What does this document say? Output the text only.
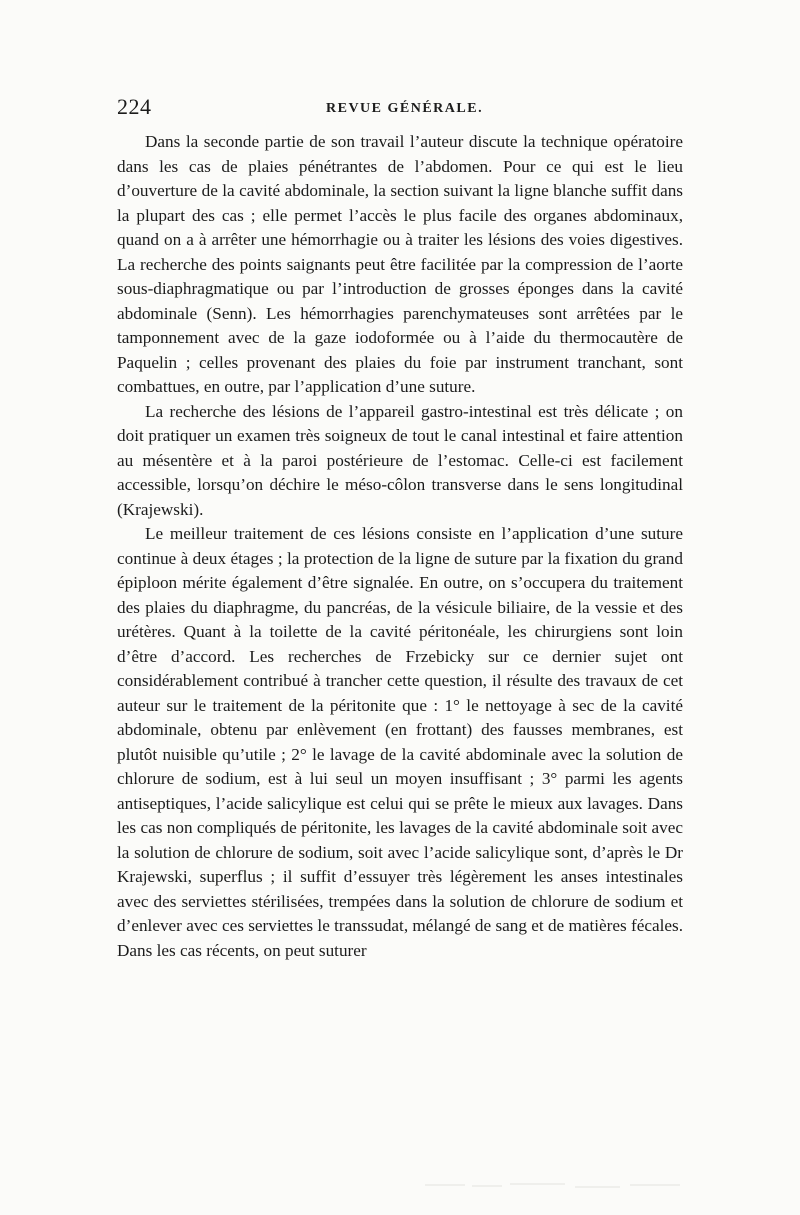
224	REVUE GÉNÉRALE.

Dans la seconde partie de son travail l’auteur discute la technique opératoire dans les cas de plaies pénétrantes de l’abdomen. Pour ce qui est le lieu d’ouverture de la cavité abdominale, la section suivant la ligne blanche suffit dans la plupart des cas ; elle permet l’accès le plus facile des organes abdominaux, quand on a à arrêter une hémorrhagie ou à traiter les lésions des voies digestives. La recherche des points saignants peut être facilitée par la compression de l’aorte sous-diaphragmatique ou par l’introduction de grosses éponges dans la cavité abdominale (Senn). Les hémorrhagies parenchymateuses sont arrêtées par le tamponnement avec de la gaze iodoformée ou à l’aide du thermocautère de Paquelin ; celles provenant des plaies du foie par instrument tranchant, sont combattues, en outre, par l’application d’une suture.

La recherche des lésions de l’appareil gastro-intestinal est très délicate ; on doit pratiquer un examen très soigneux de tout le canal intestinal et faire attention au mésentère et à la paroi postérieure de l’estomac. Celle-ci est facilement accessible, lorsqu’on déchire le méso-côlon transverse dans le sens longitudinal (Krajewski).

Le meilleur traitement de ces lésions consiste en l’application d’une suture continue à deux étages ; la protection de la ligne de suture par la fixation du grand épiploon mérite également d’être signalée. En outre, on s’occupera du traitement des plaies du diaphragme, du pancréas, de la vésicule biliaire, de la vessie et des urétères. Quant à la toilette de la cavité péritonéale, les chirurgiens sont loin d’être d’accord. Les recherches de Frzebicky sur ce dernier sujet ont considérablement contribué à trancher cette question, il résulte des travaux de cet auteur sur le traitement de la péritonite que : 1° le nettoyage à sec de la cavité abdominale, obtenu par enlèvement (en frottant) des fausses membranes, est plutôt nuisible qu’utile ; 2° le lavage de la cavité abdominale avec la solution de chlorure de sodium, est à lui seul un moyen insuffisant ; 3° parmi les agents antiseptiques, l’acide salicylique est celui qui se prête le mieux aux lavages. Dans les cas non compliqués de péritonite, les lavages de la cavité abdominale soit avec la solution de chlorure de sodium, soit avec l’acide salicylique sont, d’après le Dr Krajewski, superflus ; il suffit d’essuyer très légèrement les anses intestinales avec des serviettes stérilisées, trempées dans la solution de chlorure de sodium et d’enlever avec ces serviettes le transsudat, mélangé de sang et de matières fécales. Dans les cas récents, on peut suturer
